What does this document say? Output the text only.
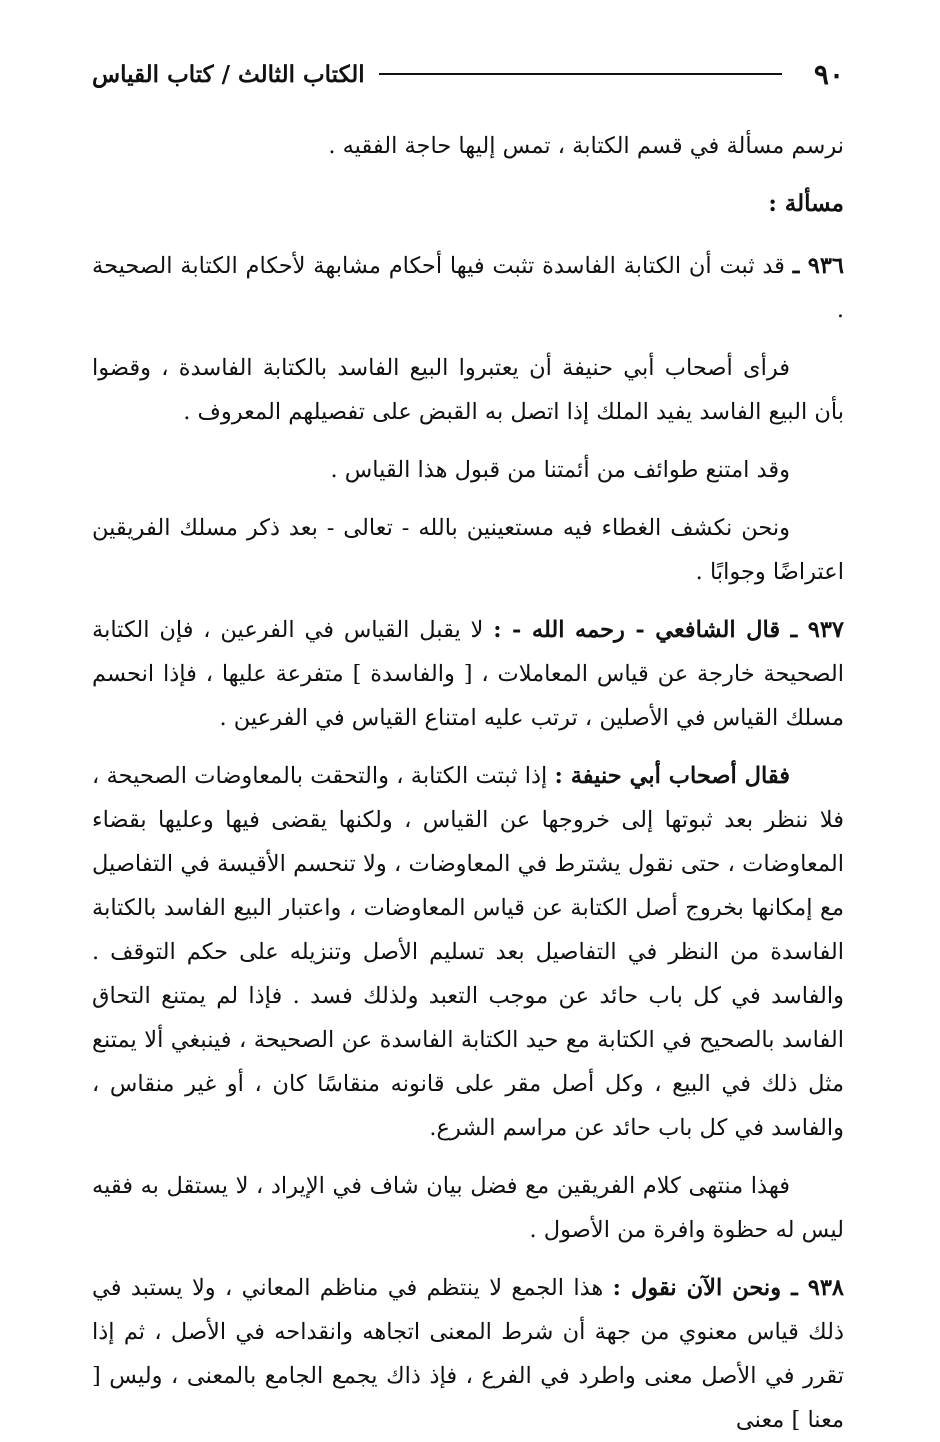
٩٠
الكتاب الثالث / كتاب القياس

نرسم مسألة في قسم الكتابة ، تمس إليها حاجة الفقيه .

مسألة :

٩٣٦ ـ قد ثبت أن الكتابة الفاسدة تثبت فيها أحكام مشابهة لأحكام الكتابة الصحيحة .

فرأى أصحاب أبي حنيفة أن يعتبروا البيع الفاسد بالكتابة الفاسدة ، وقضوا بأن البيع الفاسد يفيد الملك إذا اتصل به القبض على تفصيلهم المعروف .

وقد امتنع طوائف من أئمتنا من قبول هذا القياس .

ونحن نكشف الغطاء فيه مستعينين بالله - تعالى - بعد ذكر مسلك الفريقين اعتراضًا وجوابًا .

٩٣٧ ـ قال الشافعي - رحمه الله - : لا يقبل القياس في الفرعين ، فإن الكتابة الصحيحة خارجة عن قياس المعاملات ، [ والفاسدة ] متفرعة عليها ، فإذا انحسم مسلك القياس في الأصلين ، ترتب عليه امتناع القياس في الفرعين .

فقال أصحاب أبي حنيفة : إذا ثبتت الكتابة ، والتحقت بالمعاوضات الصحيحة ، فلا ننظر بعد ثبوتها إلى خروجها عن القياس ، ولكنها يقضى فيها وعليها بقضاء المعاوضات ، حتى نقول يشترط في المعاوضات ، ولا تنحسم الأقيسة في التفاصيل مع إمكانها بخروج أصل الكتابة عن قياس المعاوضات ، واعتبار البيع الفاسد بالكتابة الفاسدة من النظر في التفاصيل بعد تسليم الأصل وتنزيله على حكم التوقف . والفاسد في كل باب حائد عن موجب التعبد ولذلك فسد . فإذا لم يمتنع التحاق الفاسد بالصحيح في الكتابة مع حيد الكتابة الفاسدة عن الصحيحة ، فينبغي ألا يمتنع مثل ذلك في البيع ، وكل أصل مقر على قانونه منقاسًا كان ، أو غير منقاس ، والفاسد في كل باب حائد عن مراسم الشرع.

فهذا منتهى كلام الفريقين مع فضل بيان شاف في الإيراد ، لا يستقل به فقيه ليس له حظوة وافرة من الأصول .

٩٣٨ ـ ونحن الآن نقول : هذا الجمع لا ينتظم في مناظم المعاني ، ولا يستبد في ذلك قياس معنوي من جهة أن شرط المعنى اتجاهه وانقداحه في الأصل ، ثم إذا تقرر في الأصل معنى واطرد في الفرع ، فإذ ذاك يجمع الجامع بالمعنى ، وليس [ معنا ] معنى
